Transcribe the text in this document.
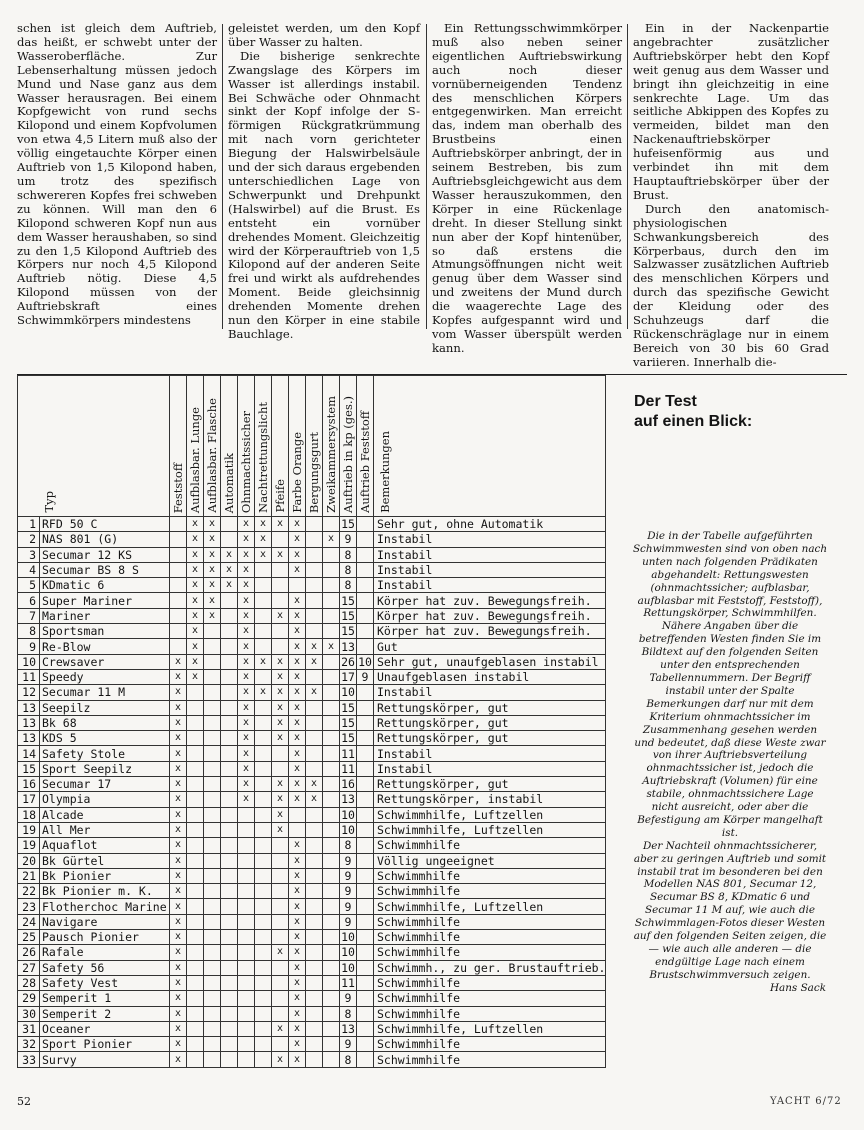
schen ist gleich dem Auftrieb, das heißt, er schwebt unter der Wasseroberfläche. Zur Lebenserhaltung müssen jedoch Mund und Nase ganz aus dem Wasser herausragen. Bei einem Kopfgewicht von rund sechs Kilopond und einem Kopfvolumen von etwa 4,5 Litern muß also der völlig eingetauchte Körper einen Auftrieb von 1,5 Kilopond haben, um trotz des spezifisch schwereren Kopfes frei schweben zu können. Will man den 6 Kilopond schweren Kopf nun aus dem Wasser heraushaben, so sind zu den 1,5 Kilopond Auftrieb des Körpers nur noch 4,5 Kilopond Auftrieb nötig. Diese 4,5 Kilopond müssen von der Auftriebskraft eines Schwimmkörpers mindestens

geleistet werden, um den Kopf über Wasser zu halten.

Die bisherige senkrechte Zwangslage des Körpers im Wasser ist allerdings instabil. Bei Schwäche oder Ohnmacht sinkt der Kopf infolge der S-förmigen Rückgratkrümmung mit nach vorn gerichteter Biegung der Halswirbelsäule und der sich daraus ergebenden unterschiedlichen Lage von Schwerpunkt und Drehpunkt (Halswirbel) auf die Brust. Es entsteht ein vornüber drehendes Moment. Gleichzeitig wird der Körperauftrieb von 1,5 Kilopond auf der anderen Seite frei und wirkt als aufdrehendes Moment. Beide gleichsinnig drehenden Momente drehen nun den Körper in eine stabile Bauchlage.

Ein Rettungsschwimmkörper muß also neben seiner eigentlichen Auftriebswirkung auch noch dieser vornüberneigenden Tendenz des menschlichen Körpers entgegenwirken. Man erreicht das, indem man oberhalb des Brustbeins einen Auftriebskörper anbringt, der in seinem Bestreben, bis zum Auftriebsgleichgewicht aus dem Wasser herauszukommen, den Körper in eine Rückenlage dreht. In dieser Stellung sinkt nun aber der Kopf hintenüber, so daß erstens die Atmungsöffnungen nicht weit genug über dem Wasser sind und zweitens der Mund durch die waagerechte Lage des Kopfes aufgespannt wird und vom Wasser überspült werden kann.

Ein in der Nackenpartie angebrachter zusätzlicher Auftriebskörper hebt den Kopf weit genug aus dem Wasser und bringt ihn gleichzeitig in eine senkrechte Lage. Um das seitliche Abkippen des Kopfes zu vermeiden, bildet man den Nackenauftriebskörper hufeisenförmig aus und verbindet ihn mit dem Hauptauftriebskörper über der Brust.

Durch den anatomisch-physiologischen Schwankungsbereich des Körperbaus, durch den im Salzwasser zusätzlichen Auftrieb des menschlichen Körpers und durch das spezifische Gewicht der Kleidung oder des Schuhzeugs darf die Rückenschräglage nur in einem Bereich von 30 bis 60 Grad variieren. Innerhalb die-

Typ		Feststoff	Aufblasbar. Lunge	Aufblasbar. Flasche	Automatik	Ohnmachtssicher	Nachtrettungslicht	Pfeife	Farbe Orange	Bergungsgurt	Zweikammersystem	Auftrieb in kp (ges.)	Auftrieb Feststoff	Bemerkungen
1	RFD 50 C		x	x		x	x	x	x			15		Sehr gut, ohne Automatik
2	NAS 801 (G)		x	x		x	x		x		x	9		Instabil
3	Secumar 12 KS		x	x	x	x	x	x	x			8		Instabil
4	Secumar BS 8 S		x	x	x	x			x			8		Instabil
5	KDmatic 6		x	x	x	x						8		Instabil
6	Super Mariner		x	x		x			x			15		Körper hat zuv. Bewegungsfreih.
7	Mariner		x	x		x		x	x			15		Körper hat zuv. Bewegungsfreih.
8	Sportsman		x			x			x			15		Körper hat zuv. Bewegungsfreih.
9	Re-Blow		x			x			x	x	x	13		Gut
10	Crewsaver	x	x			x	x	x	x	x		26	10	Sehr gut, unaufgeblasen instabil
11	Speedy	x	x			x		x	x			17	9	Unaufgeblasen instabil
12	Secumar 11 M	x				x	x	x	x	x		10		Instabil
13	Seepilz	x				x		x	x			15		Rettungskörper, gut
13	Bk 68	x				x		x	x			15		Rettungskörper, gut
13	KDS 5	x				x		x	x			15		Rettungskörper, gut
14	Safety Stole	x				x			x			11		Instabil
15	Sport Seepilz	x				x			x			11		Instabil
16	Secumar 17	x				x		x	x	x		16		Rettungskörper, gut
17	Olympia	x				x		x	x	x		13		Rettungskörper, instabil
18	Alcade	x						x				10		Schwimmhilfe, Luftzellen
19	All Mer	x						x				10		Schwimmhilfe, Luftzellen
19	Aquaflot	x							x			8		Schwimmhilfe
20	Bk Gürtel	x							x			9		Völlig ungeeignet
21	Bk Pionier	x							x			9		Schwimmhilfe
22	Bk Pionier m. K.	x							x			9		Schwimmhilfe
23	Flotherchoc Marine	x							x			9		Schwimmhilfe, Luftzellen
24	Navigare	x							x			9		Schwimmhilfe
25	Pausch Pionier	x							x			10		Schwimmhilfe
26	Rafale	x						x	x			10		Schwimmhilfe
27	Safety 56	x							x			10		Schwimmh., zu ger. Brustauftrieb.
28	Safety Vest	x							x			11		Schwimmhilfe
29	Semperit 1	x							x			9		Schwimmhilfe
30	Semperit 2	x							x			8		Schwimmhilfe
31	Oceaner	x						x	x			13		Schwimmhilfe, Luftzellen
32	Sport Pionier	x							x			9		Schwimmhilfe
33	Survy	x						x	x			8		Schwimmhilfe
Der Test
auf einen Blick:

Die in der Tabelle aufgeführten Schwimmwesten sind von oben nach unten nach folgenden Prädikaten abgehandelt: Rettungswesten (ohnmachtssicher; aufblasbar, aufblasbar mit Feststoff, Feststoff), Rettungskörper, Schwimmhilfen. Nähere Angaben über die betreffenden Westen finden Sie im Bildtext auf den folgenden Seiten unter den entsprechenden Tabellennummern. Der Begriff instabil unter der Spalte Bemerkungen darf nur mit dem Kriterium ohnmachtssicher im Zusammenhang gesehen werden und bedeutet, daß diese Weste zwar von ihrer Auftriebsverteilung ohnmachtssicher ist, jedoch die Auftriebskraft (Volumen) für eine stabile, ohnmachtssichere Lage nicht ausreicht, oder aber die Befestigung am Körper mangelhaft ist.

Der Nachteil ohnmachtssicherer, aber zu geringen Auftrieb und somit instabil trat im besonderen bei den Modellen NAS 801, Secumar 12, Secumar BS 8, KDmatic 6 und Secumar 11 M auf, wie auch die Schwimmlagen-Fotos dieser Westen auf den folgenden Seiten zeigen, die — wie auch alle anderen — die endgültige Lage nach einem Brustschwimmversuch zeigen.

Hans Sack

52	YACHT 6/72
